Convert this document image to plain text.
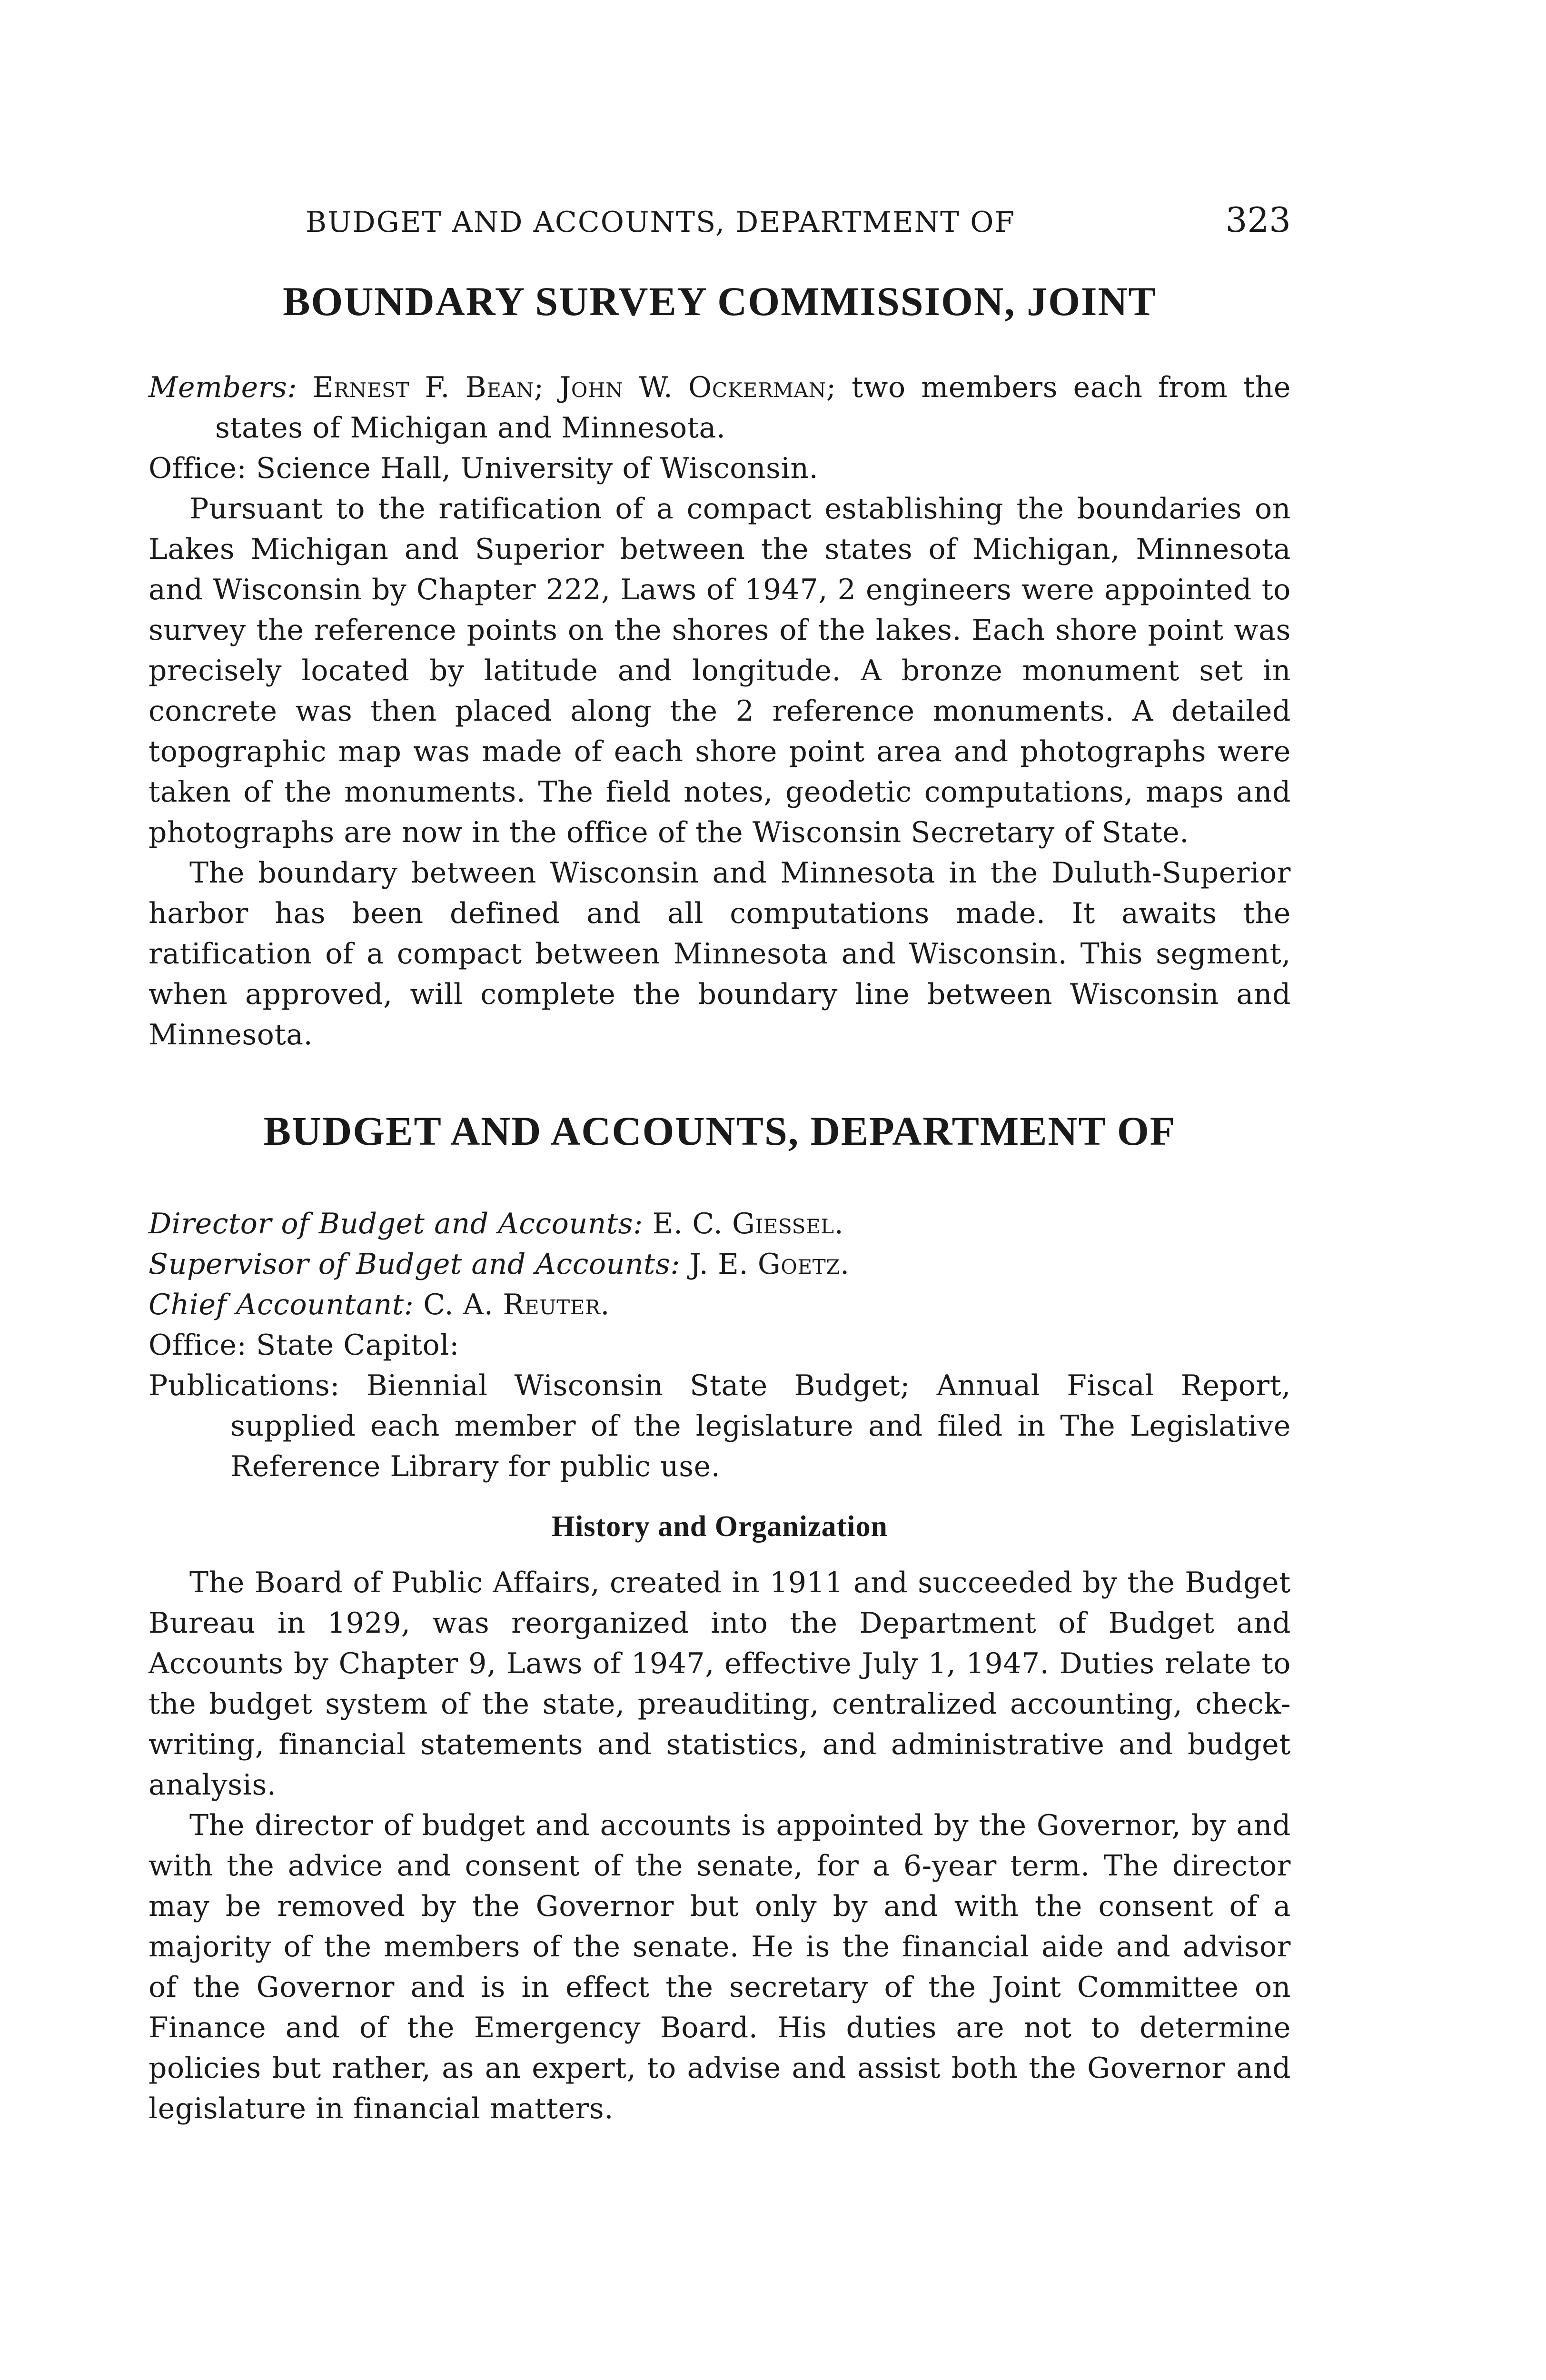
BUDGET AND ACCOUNTS, DEPARTMENT OF	323
BOUNDARY SURVEY COMMISSION, JOINT

Members: Ernest F. Bean; John W. Ockerman; two members each from the states of Michigan and Minnesota.

Office: Science Hall, University of Wisconsin.

Pursuant to the ratification of a compact establishing the boundaries on Lakes Michigan and Superior between the states of Michigan, Minnesota and Wisconsin by Chapter 222, Laws of 1947, 2 engineers were appointed to survey the reference points on the shores of the lakes. Each shore point was precisely located by latitude and longitude. A bronze monument set in concrete was then placed along the 2 reference monuments. A detailed topographic map was made of each shore point area and photographs were taken of the monuments. The field notes, geodetic computations, maps and photographs are now in the office of the Wisconsin Secretary of State.

The boundary between Wisconsin and Minnesota in the Duluth-Superior harbor has been defined and all computations made. It awaits the ratification of a compact between Minnesota and Wisconsin. This segment, when approved, will complete the boundary line between Wisconsin and Minnesota.

BUDGET AND ACCOUNTS, DEPARTMENT OF

Director of Budget and Accounts: E. C. Giessel.

Supervisor of Budget and Accounts: J. E. Goetz.

Chief Accountant: C. A. Reuter.

Office: State Capitol:

Publications: Biennial Wisconsin State Budget; Annual Fiscal Report, supplied each member of the legislature and filed in The Legislative Reference Library for public use.

History and Organization

The Board of Public Affairs, created in 1911 and succeeded by the Budget Bureau in 1929, was reorganized into the Department of Budget and Accounts by Chapter 9, Laws of 1947, effective July 1, 1947. Duties relate to the budget system of the state, preauditing, centralized accounting, check-writing, financial statements and statistics, and administrative and budget analysis.

The director of budget and accounts is appointed by the Governor, by and with the advice and consent of the senate, for a 6-year term. The director may be removed by the Governor but only by and with the consent of a majority of the members of the senate. He is the financial aide and advisor of the Governor and is in effect the secretary of the Joint Committee on Finance and of the Emergency Board. His duties are not to determine policies but rather, as an expert, to advise and assist both the Governor and legislature in financial matters.
